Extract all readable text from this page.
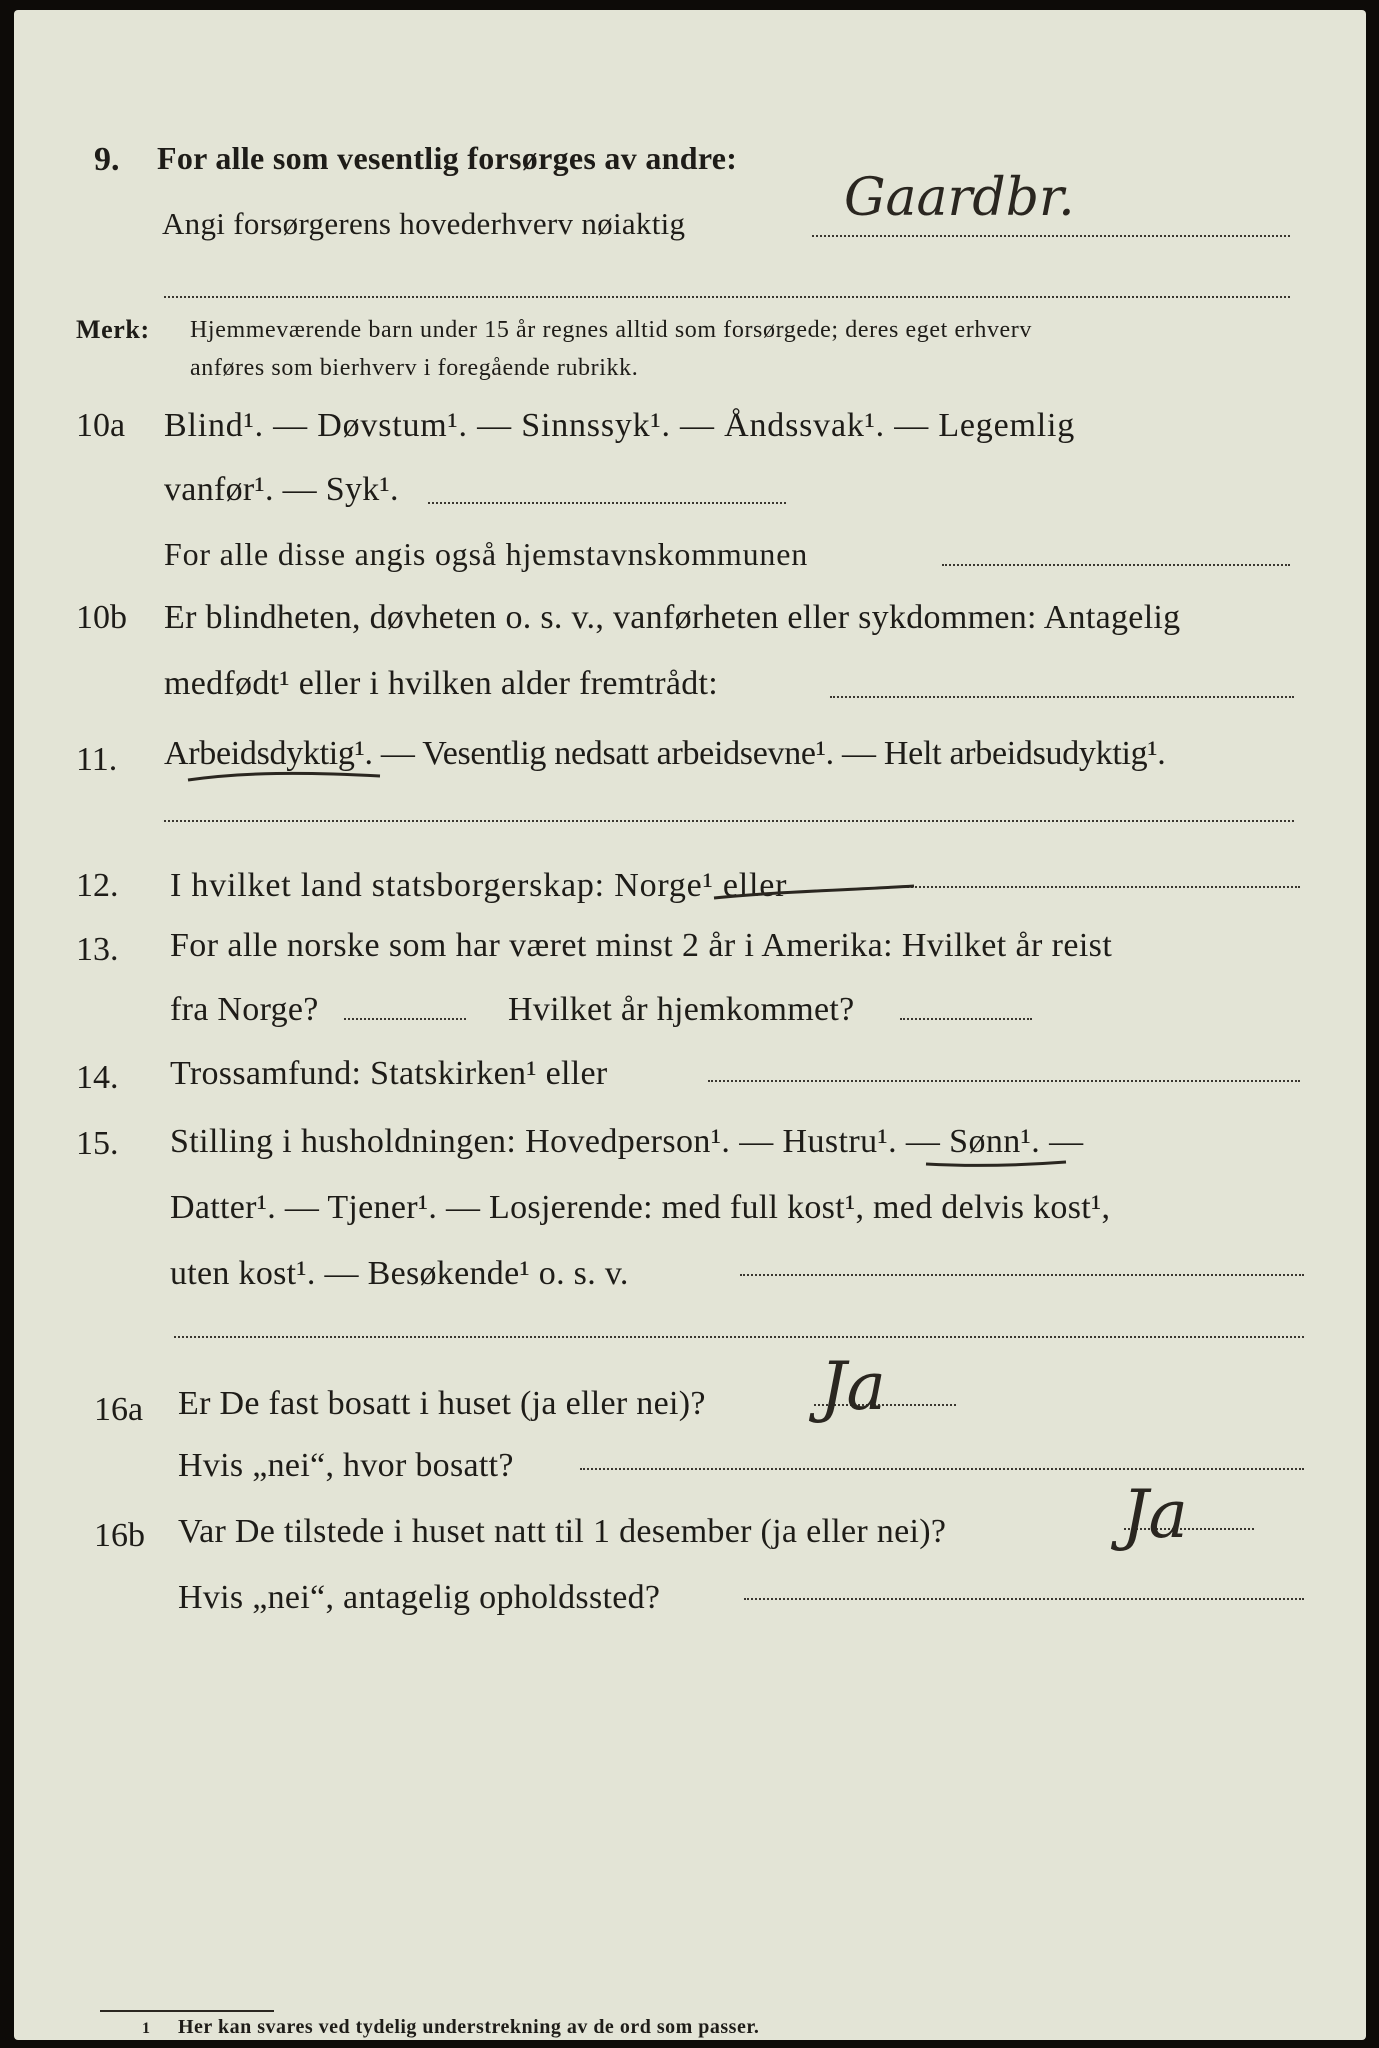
9. For alle som vesentlig forsørges av andre:
Angi forsørgerens hovederhverv nøiaktig	Gaardbr.
Merk: Hjemmeværende barn under 15 år regnes alltid som forsørgede; deres eget erhverv
anføres som bierhverv i foregående rubrikk.
10a Blind¹. — Døvstum¹. — Sinnssyk¹. — Åndssvak¹. — Legemlig
vanfør¹. — Syk¹.
For alle disse angis også hjemstavnskommunen
10b Er blindheten, døvheten o. s. v., vanførheten eller sykdommen: Antagelig
medfødt¹ eller i hvilken alder fremtrådt:
11. Arbeidsdyktig¹. — Vesentlig nedsatt arbeidsevne¹. — Helt arbeidsudyktig¹.
12. I hvilket land statsborgerskap: Norge¹ eller
13. For alle norske som har været minst 2 år i Amerika: Hvilket år reist
fra Norge?	Hvilket år hjemkommet?
14. Trossamfund: Statskirken¹ eller
15. Stilling i husholdningen: Hovedperson¹. — Hustru¹. — Sønn¹. —
Datter¹. — Tjener¹. — Losjerende: med full kost¹, med delvis kost¹,
uten kost¹. — Besøkende¹ o. s. v.
16a Er De fast bosatt i huset (ja eller nei)? Ja
Hvis „nei“, hvor bosatt?
16b Var De tilstede i huset natt til 1 desember (ja eller nei)?	Ja
Hvis „nei“, antagelig opholdssted?
1 Her kan svares ved tydelig understrekning av de ord som passer.
